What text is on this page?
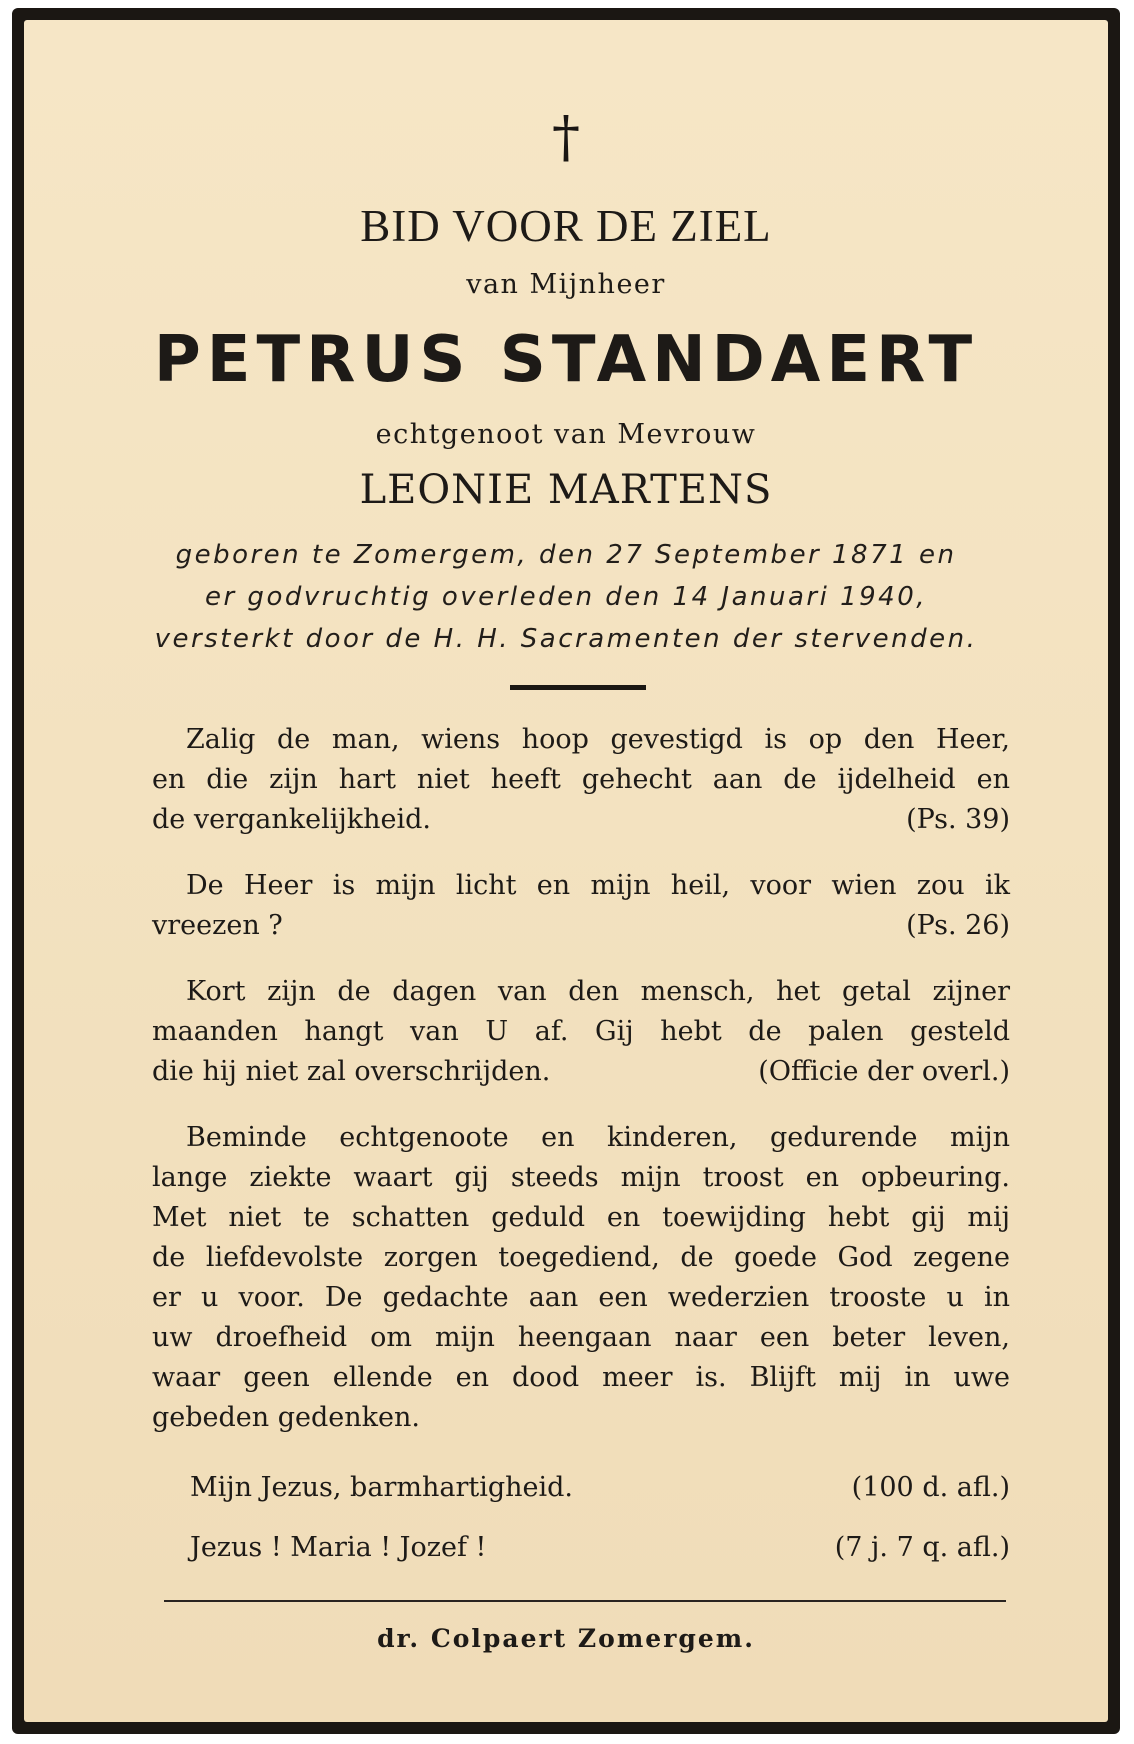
†

BID VOOR DE ZIEL

van Mijnheer

PETRUS STANDAERT

echtgenoot van Mevrouw

LEONIE MARTENS

geboren te Zomergem, den 27 September 1871 en

er godvruchtig overleden den 14 Januari 1940,

versterkt door de H. H. Sacramenten der stervenden.

Zalig de man, wiens hoop gevestigd is op den Heer,
en die zijn hart niet heeft gehecht aan de ijdelheid en
de vergankelijkheid.	(Ps. 39)
De Heer is mijn licht en mijn heil, voor wien zou ik
vreezen ?	(Ps. 26)
Kort zijn de dagen van den mensch, het getal zijner
maanden hangt van U af. Gij hebt de palen gesteld
die hij niet zal overschrijden.	(Officie der overl.)
Beminde echtgenoote en kinderen, gedurende mijn
lange ziekte waart gij steeds mijn troost en opbeuring.
Met niet te schatten geduld en toewijding hebt gij mij
de liefdevolste zorgen toegediend, de goede God zegene
er u voor. De gedachte aan een wederzien trooste u in
uw droefheid om mijn heengaan naar een beter leven,
waar geen ellende en dood meer is. Blijft mij in uwe
gebeden gedenken.
Mijn Jezus, barmhartigheid.	(100 d. afl.)
Jezus ! Maria ! Jozef !	(7 j. 7 q. afl.)

dr. Colpaert Zomergem.
